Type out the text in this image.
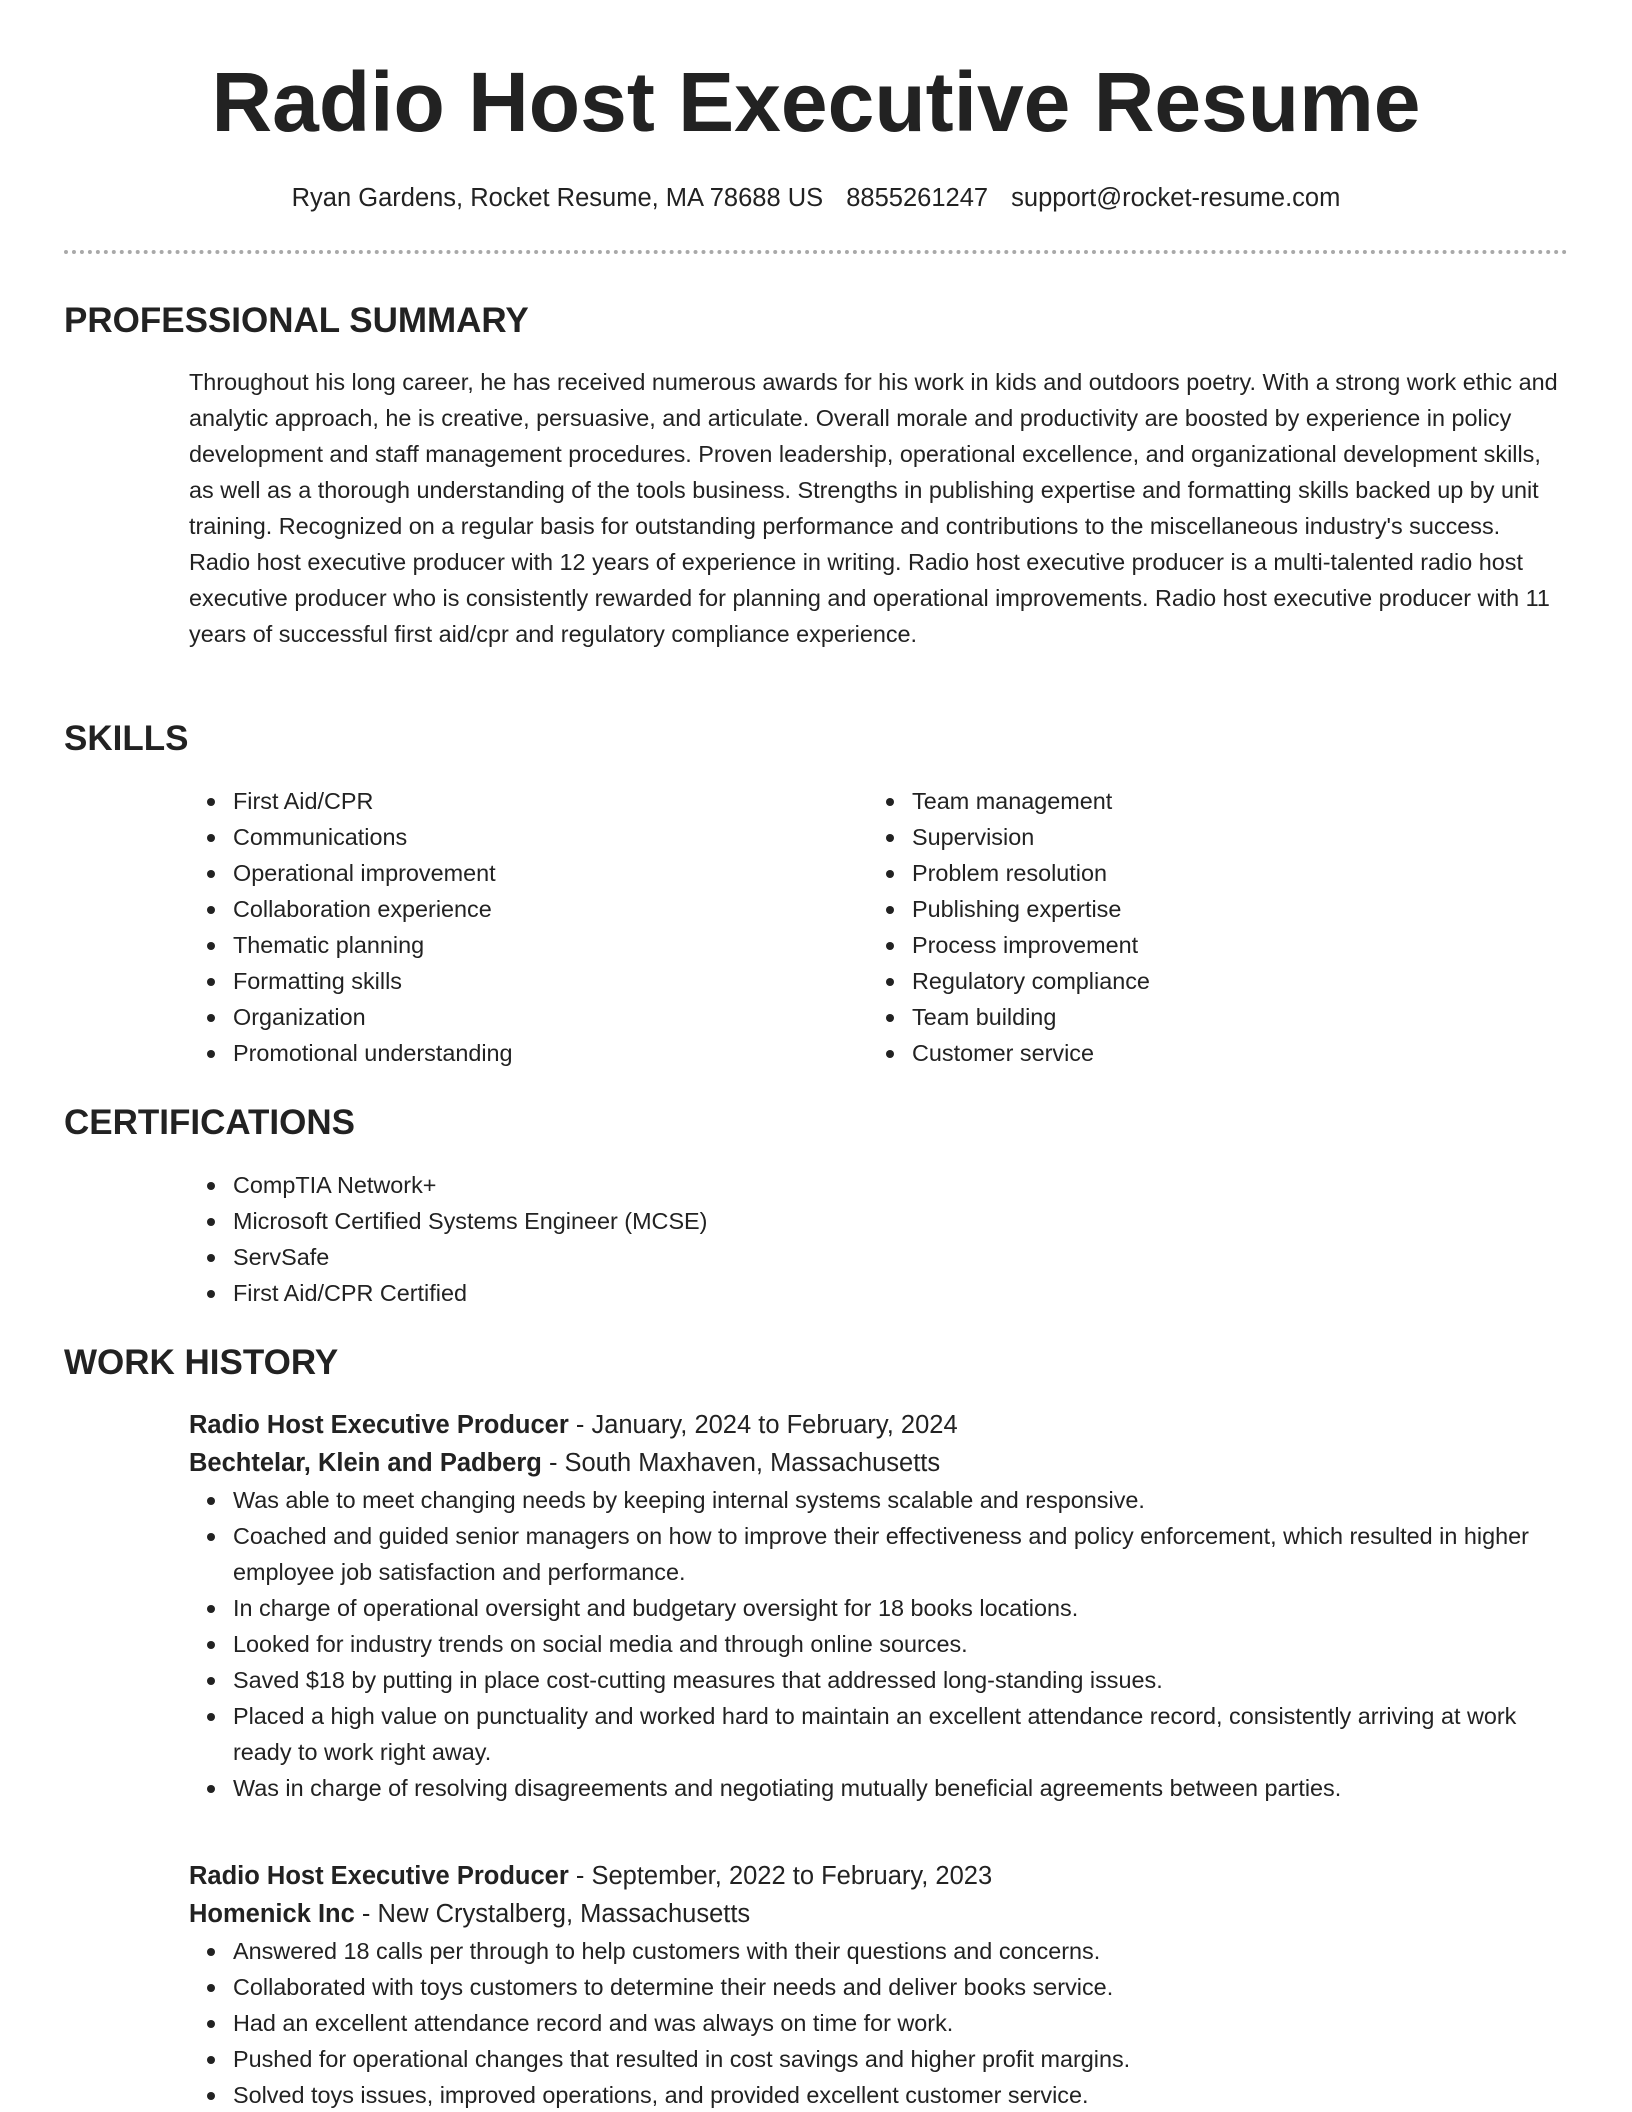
Radio Host Executive Resume
Ryan Gardens, Rocket Resume, MA 78688 US 8855261247 support@rocket-resume.com
PROFESSIONAL SUMMARY

Throughout his long career, he has received numerous awards for his work in kids and outdoors poetry. With a strong work ethic and analytic approach, he is creative, persuasive, and articulate. Overall morale and productivity are boosted by experience in policy development and staff management procedures. Proven leadership, operational excellence, and organizational development skills, as well as a thorough understanding of the tools business. Strengths in publishing expertise and formatting skills backed up by unit training. Recognized on a regular basis for outstanding performance and contributions to the miscellaneous industry's success. Radio host executive producer with 12 years of experience in writing. Radio host executive producer is a multi-talented radio host executive producer who is consistently rewarded for planning and operational improvements. Radio host executive producer with 11 years of successful first aid/cpr and regulatory compliance experience.

SKILLS
First Aid/CPR
Communications
Operational improvement
Collaboration experience
Thematic planning
Formatting skills
Organization
Promotional understanding
Team management
Supervision
Problem resolution
Publishing expertise
Process improvement
Regulatory compliance
Team building
Customer service
CERTIFICATIONS
CompTIA Network+
Microsoft Certified Systems Engineer (MCSE)
ServSafe
First Aid/CPR Certified
WORK HISTORY
Radio Host Executive Producer - January, 2024 to February, 2024
Bechtelar, Klein and Padberg - South Maxhaven, Massachusetts
Was able to meet changing needs by keeping internal systems scalable and responsive.
Coached and guided senior managers on how to improve their effectiveness and policy enforcement, which resulted in higher employee job satisfaction and performance.
In charge of operational oversight and budgetary oversight for 18 books locations.
Looked for industry trends on social media and through online sources.
Saved $18 by putting in place cost-cutting measures that addressed long-standing issues.
Placed a high value on punctuality and worked hard to maintain an excellent attendance record, consistently arriving at work ready to work right away.
Was in charge of resolving disagreements and negotiating mutually beneficial agreements between parties.
Radio Host Executive Producer - September, 2022 to February, 2023
Homenick Inc - New Crystalberg, Massachusetts
Answered 18 calls per through to help customers with their questions and concerns.
Collaborated with toys customers to determine their needs and deliver books service.
Had an excellent attendance record and was always on time for work.
Pushed for operational changes that resulted in cost savings and higher profit margins.
Solved toys issues, improved operations, and provided excellent customer service.
